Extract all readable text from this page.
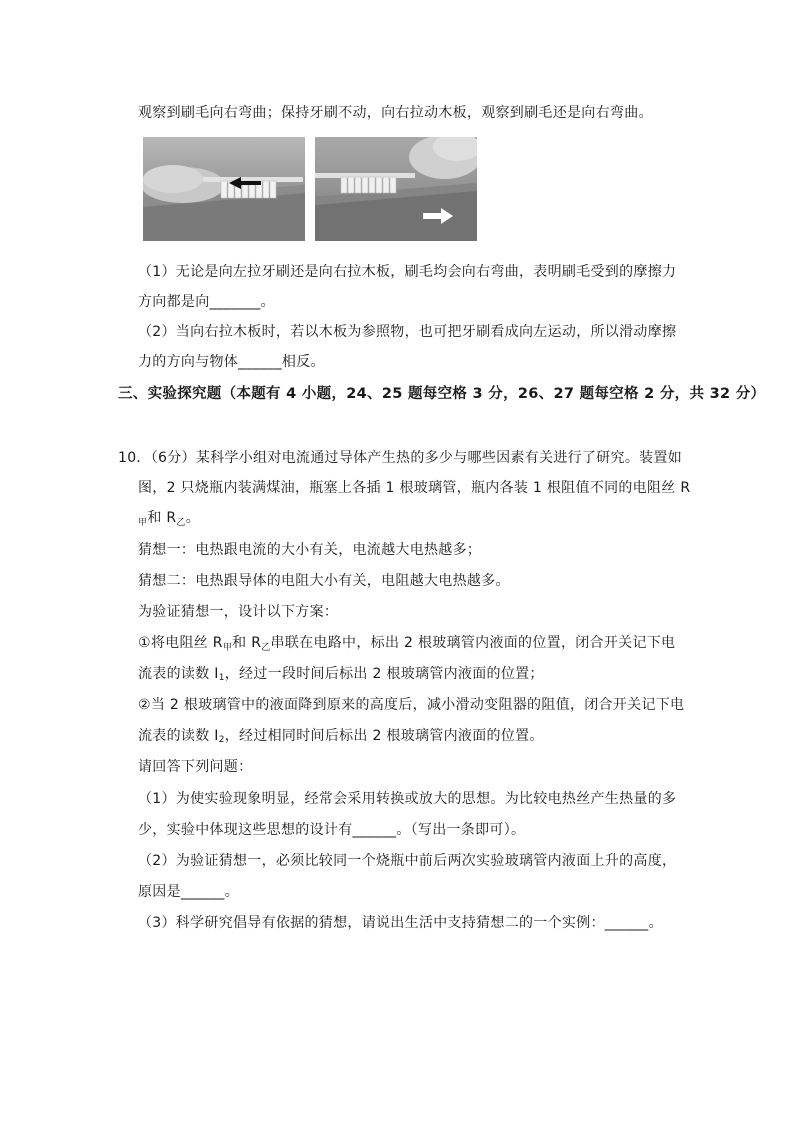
观察到刷毛向右弯曲；保持牙刷不动，向右拉动木板，观察到刷毛还是向右弯曲。
（1）无论是向左拉牙刷还是向右拉木板，刷毛均会向右弯曲，表明刷毛受到的摩擦力
方向都是向_______。
（2）当向右拉木板时，若以木板为参照物，也可把牙刷看成向左运动，所以滑动摩擦
力的方向与物体______相反。
三、实验探究题（本题有 4 小题，24、25 题每空格 3 分，26、27 题每空格 2 分，共 32 分）
10．（6分）某科学小组对电流通过导体产生热的多少与哪些因素有关进行了研究。装置如
图，2 只烧瓶内装满煤油，瓶塞上各插 1 根玻璃管，瓶内各装 1 根阻值不同的电阻丝 R
$_甲$和 $R_乙$。
猜想一：电热跟电流的大小有关，电流越大电热越多；
猜想二：电热跟导体的电阻大小有关，电阻越大电热越多。
为验证猜想一，设计以下方案：
①将电阻丝 $R_甲$和 $R_乙$串联在电路中，标出 2 根玻璃管内液面的位置，闭合开关记下电
流表的读数 $I_1$，经过一段时间后标出 2 根玻璃管内液面的位置；
②当 2 根玻璃管中的液面降到原来的高度后，减小滑动变阻器的阻值，闭合开关记下电
流表的读数 $I_2$，经过相同时间后标出 2 根玻璃管内液面的位置。
请回答下列问题：
（1）为使实验现象明显，经常会采用转换或放大的思想。为比较电热丝产生热量的多
少，实验中体现这些思想的设计有______。（写出一条即可）。
（2）为验证猜想一，必须比较同一个烧瓶中前后两次实验玻璃管内液面上升的高度，
原因是______。
（3）科学研究倡导有依据的猜想，请说出生活中支持猜想二的一个实例：______。
